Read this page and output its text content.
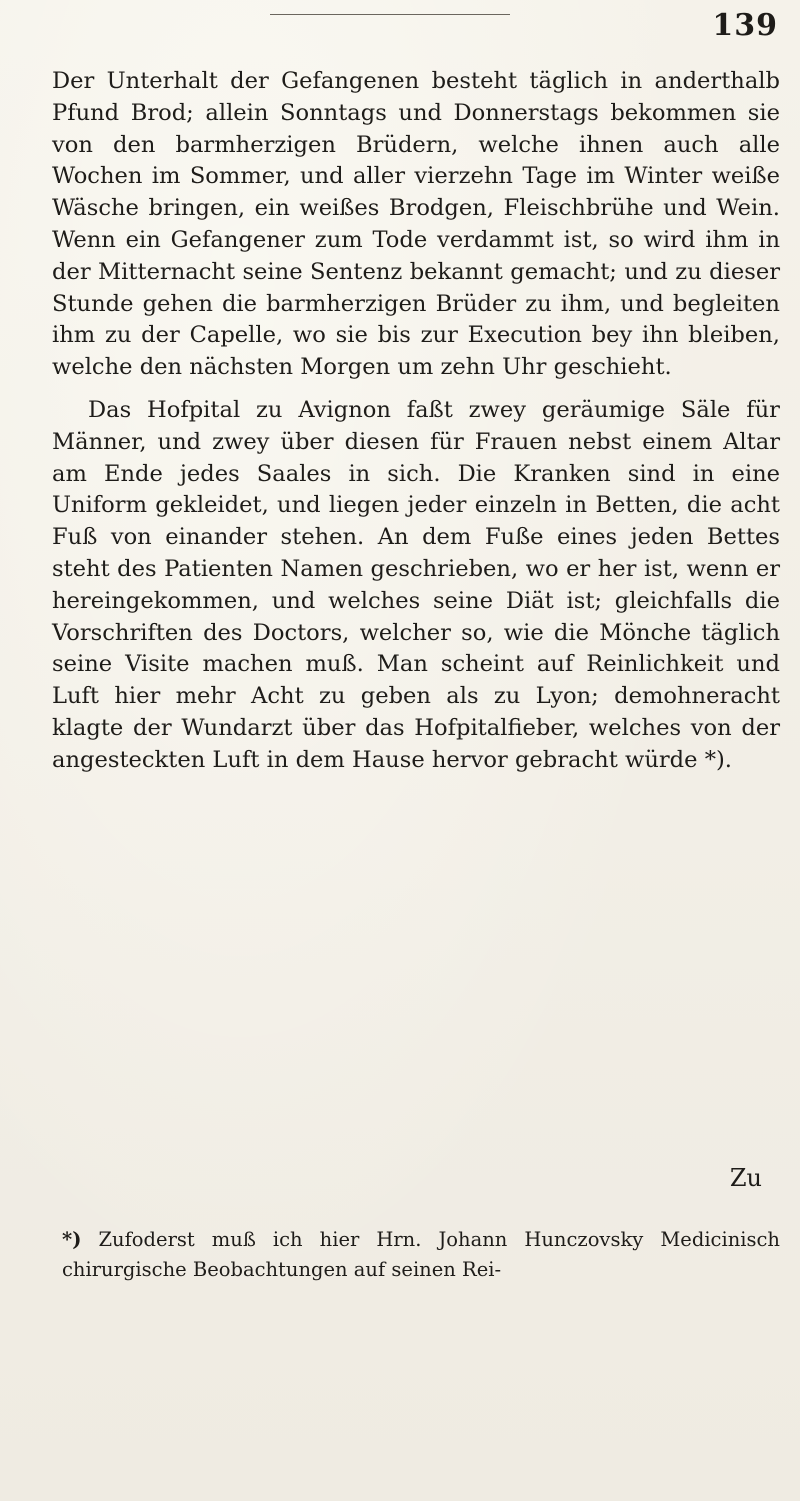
139

Der Unterhalt der Gefangenen besteht täglich in anderthalb Pfund Brod; allein Sonntags und Donnerstags bekommen sie von den barmherzigen Brüdern, welche ihnen auch alle Wochen im Sommer, und aller vierzehn Tage im Winter weiße Wäsche bringen, ein weißes Brodgen, Fleischbrühe und Wein. Wenn ein Gefangener zum Tode verdammt ist, so wird ihm in der Mitternacht seine Sentenz bekannt gemacht; und zu dieser Stunde gehen die barmherzigen Brüder zu ihm, und begleiten ihm zu der Capelle, wo sie bis zur Execution bey ihn bleiben, welche den nächsten Morgen um zehn Uhr geschieht.

Das Hofpital zu Avignon faßt zwey geräumige Säle für Männer, und zwey über diesen für Frauen nebst einem Altar am Ende jedes Saales in sich. Die Kranken sind in eine Uniform gekleidet, und liegen jeder einzeln in Betten, die acht Fuß von einander stehen. An dem Fuße eines jeden Bettes steht des Patienten Namen geschrieben, wo er her ist, wenn er hereingekommen, und welches seine Diät ist; gleichfalls die Vorschriften des Doctors, welcher so, wie die Mönche täglich seine Visite machen muß. Man scheint auf Reinlichkeit und Luft hier mehr Acht zu geben als zu Lyon; demohneracht klagte der Wundarzt über das Hofpitalfieber, welches von der angesteckten Luft in dem Hause hervor gebracht würde *).

Zu
*) Zufoderst muß ich hier Hrn. Johann Hunczovsky Medicinisch chirurgische Beobachtungen auf seinen Rei-
